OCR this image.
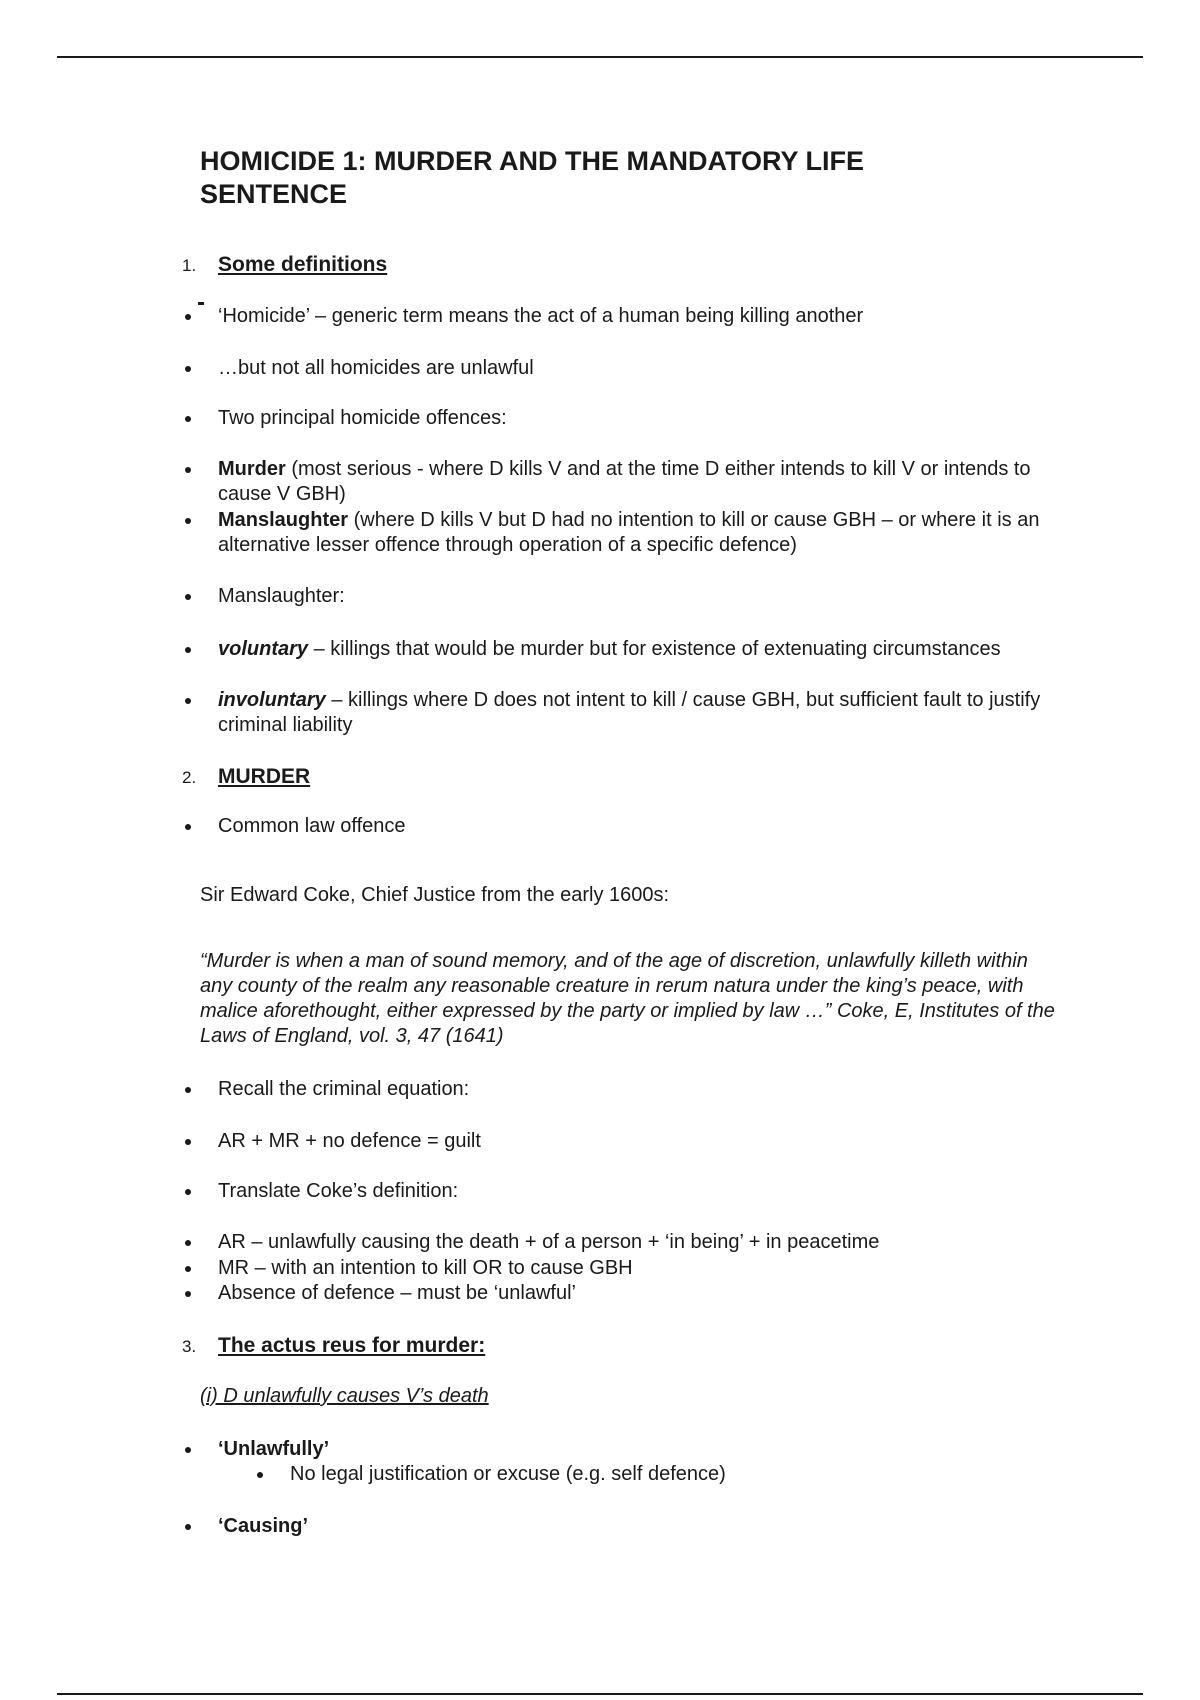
HOMICIDE 1: MURDER AND THE MANDATORY LIFE SENTENCE
1. Some definitions
‘Homicide’ – generic term means the act of a human being killing another
…but not all homicides are unlawful
Two principal homicide offences:
Murder (most serious - where D kills V and at the time D either intends to kill V or intends to cause V GBH)
Manslaughter (where D kills V but D had no intention to kill or cause GBH – or where it is an alternative lesser offence through operation of a specific defence)
Manslaughter:
voluntary – killings that would be murder but for existence of extenuating circumstances
involuntary – killings where D does not intent to kill / cause GBH, but sufficient fault to justify criminal liability
2. MURDER
Common law offence
Sir Edward Coke, Chief Justice from the early 1600s:
“Murder is when a man of sound memory, and of the age of discretion, unlawfully killeth within any county of the realm any reasonable creature in rerum natura under the king’s peace, with malice aforethought, either expressed by the party or implied by law …” Coke, E, Institutes of the Laws of England, vol. 3, 47 (1641)
Recall the criminal equation:
AR + MR + no defence = guilt
Translate Coke’s definition:
AR – unlawfully causing the death + of a person + ‘in being’ + in peacetime
MR – with an intention to kill OR to cause GBH
Absence of defence – must be ‘unlawful’
3. The actus reus for murder:
(i) D unlawfully causes V’s death
‘Unlawfully’
No legal justification or excuse (e.g. self defence)
‘Causing’
